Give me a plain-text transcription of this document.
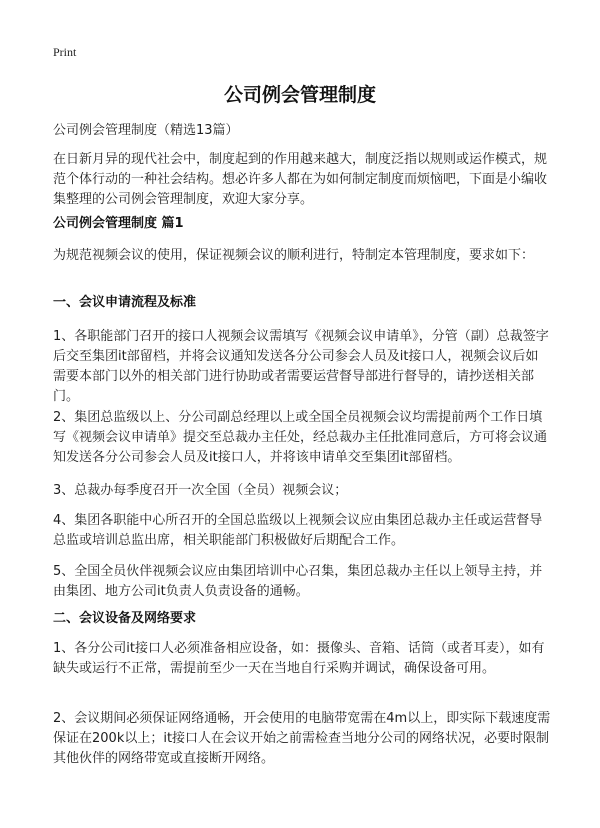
Print
公司例会管理制度

公司例会管理制度（精选13篇）

在日新月异的现代社会中，制度起到的作用越来越大，制度泛指以规则或运作模式，规范个体行动的一种社会结构。想必许多人都在为如何制定制度而烦恼吧，下面是小编收集整理的公司例会管理制度，欢迎大家分享。

公司例会管理制度 篇1

为规范视频会议的使用，保证视频会议的顺利进行，特制定本管理制度，要求如下：

一、会议申请流程及标准

1、各职能部门召开的接口人视频会议需填写《视频会议申请单》，分管（副）总裁签字后交至集团it部留档，并将会议通知发送各分公司参会人员及it接口人，视频会议后如需要本部门以外的相关部门进行协助或者需要运营督导部进行督导的，请抄送相关部门。

2、集团总监级以上、分公司副总经理以上或全国全员视频会议均需提前两个工作日填写《视频会议申请单》提交至总裁办主任处，经总裁办主任批准同意后，方可将会议通知发送各分公司参会人员及it接口人，并将该申请单交至集团it部留档。

3、总裁办每季度召开一次全国（全员）视频会议；

4、集团各职能中心所召开的全国总监级以上视频会议应由集团总裁办主任或运营督导总监或培训总监出席，相关职能部门积极做好后期配合工作。

5、全国全员伙伴视频会议应由集团培训中心召集，集团总裁办主任以上领导主持，并由集团、地方公司it负责人负责设备的通畅。

二、会议设备及网络要求

1、各分公司it接口人必须准备相应设备，如：摄像头、音箱、话筒（或者耳麦），如有缺失或运行不正常，需提前至少一天在当地自行采购并调试，确保设备可用。

2、会议期间必须保证网络通畅，开会使用的电脑带宽需在4m以上，即实际下载速度需保证在200k以上；it接口人在会议开始之前需检查当地分公司的网络状况，必要时限制其他伙伴的网络带宽或直接断开网络。
